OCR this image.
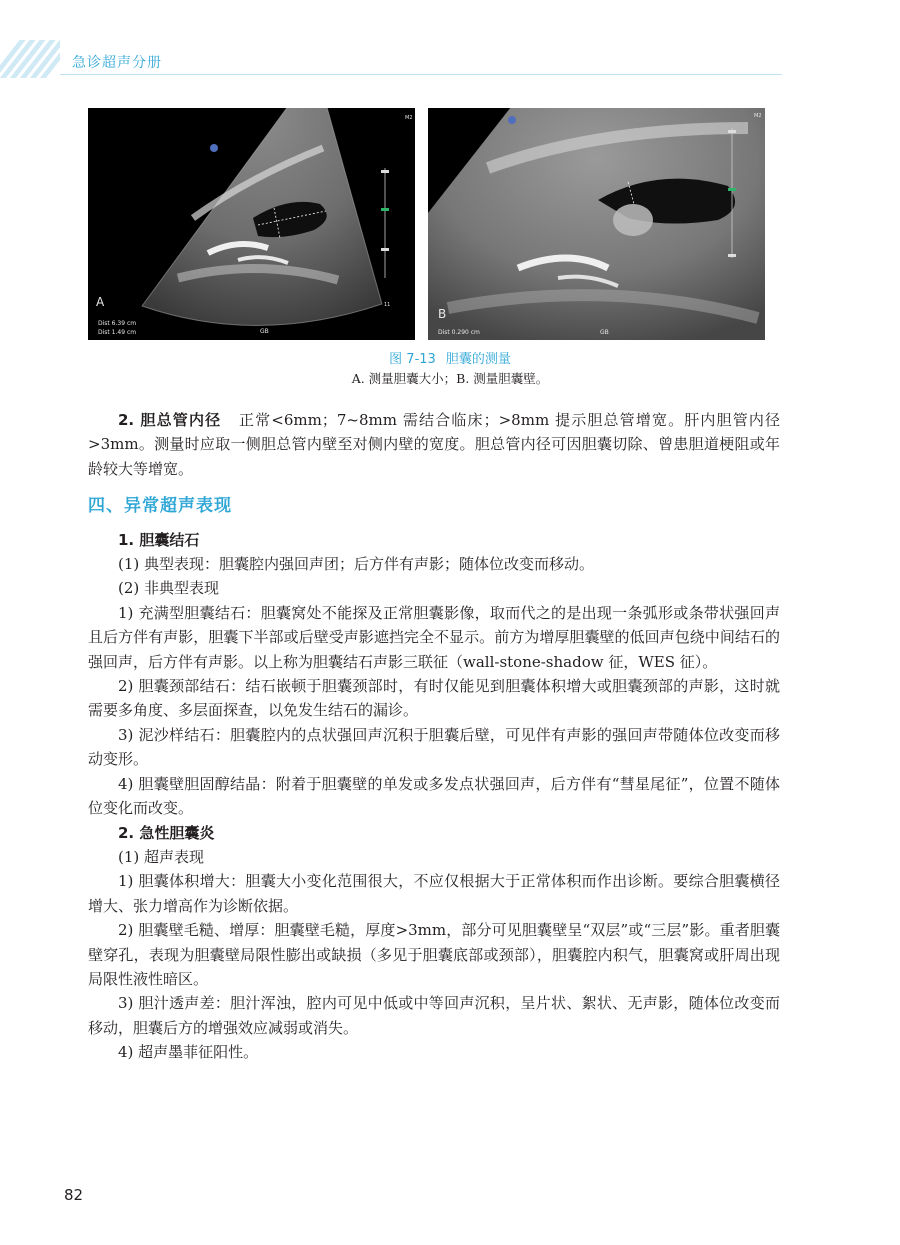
急诊超声分册
M2
A
Dist 6.39 cm
Dist 1.49 cm	GB
11
M2
B
Dist 0.290 cm	GB
图 7-13 胆囊的测量
A. 测量胆囊大小；B. 测量胆囊壁。

2. 胆总管内径 正常<6mm；7~8mm 需结合临床；>8mm 提示胆总管增宽。肝内胆管内径>3mm。测量时应取一侧胆总管内壁至对侧内壁的宽度。胆总管内径可因胆囊切除、曾患胆道梗阻或年龄较大等增宽。

四、异常超声表现

1. 胆囊结石

(1) 典型表现：胆囊腔内强回声团；后方伴有声影；随体位改变而移动。

(2) 非典型表现

1) 充满型胆囊结石：胆囊窝处不能探及正常胆囊影像，取而代之的是出现一条弧形或条带状强回声且后方伴有声影，胆囊下半部或后壁受声影遮挡完全不显示。前方为增厚胆囊壁的低回声包绕中间结石的强回声，后方伴有声影。以上称为胆囊结石声影三联征（wall-stone-shadow 征，WES 征）。

2) 胆囊颈部结石：结石嵌顿于胆囊颈部时，有时仅能见到胆囊体积增大或胆囊颈部的声影，这时就需要多角度、多层面探查，以免发生结石的漏诊。

3) 泥沙样结石：胆囊腔内的点状强回声沉积于胆囊后壁，可见伴有声影的强回声带随体位改变而移动变形。

4) 胆囊壁胆固醇结晶：附着于胆囊壁的单发或多发点状强回声，后方伴有“彗星尾征”，位置不随体位变化而改变。

2. 急性胆囊炎

(1) 超声表现

1) 胆囊体积增大：胆囊大小变化范围很大，不应仅根据大于正常体积而作出诊断。要综合胆囊横径增大、张力增高作为诊断依据。

2) 胆囊壁毛糙、增厚：胆囊壁毛糙，厚度>3mm，部分可见胆囊壁呈“双层”或“三层”影。重者胆囊壁穿孔，表现为胆囊壁局限性膨出或缺损（多见于胆囊底部或颈部），胆囊腔内积气，胆囊窝或肝周出现局限性液性暗区。

3) 胆汁透声差：胆汁浑浊，腔内可见中低或中等回声沉积，呈片状、絮状、无声影，随体位改变而移动，胆囊后方的增强效应减弱或消失。

4) 超声墨菲征阳性。

82
